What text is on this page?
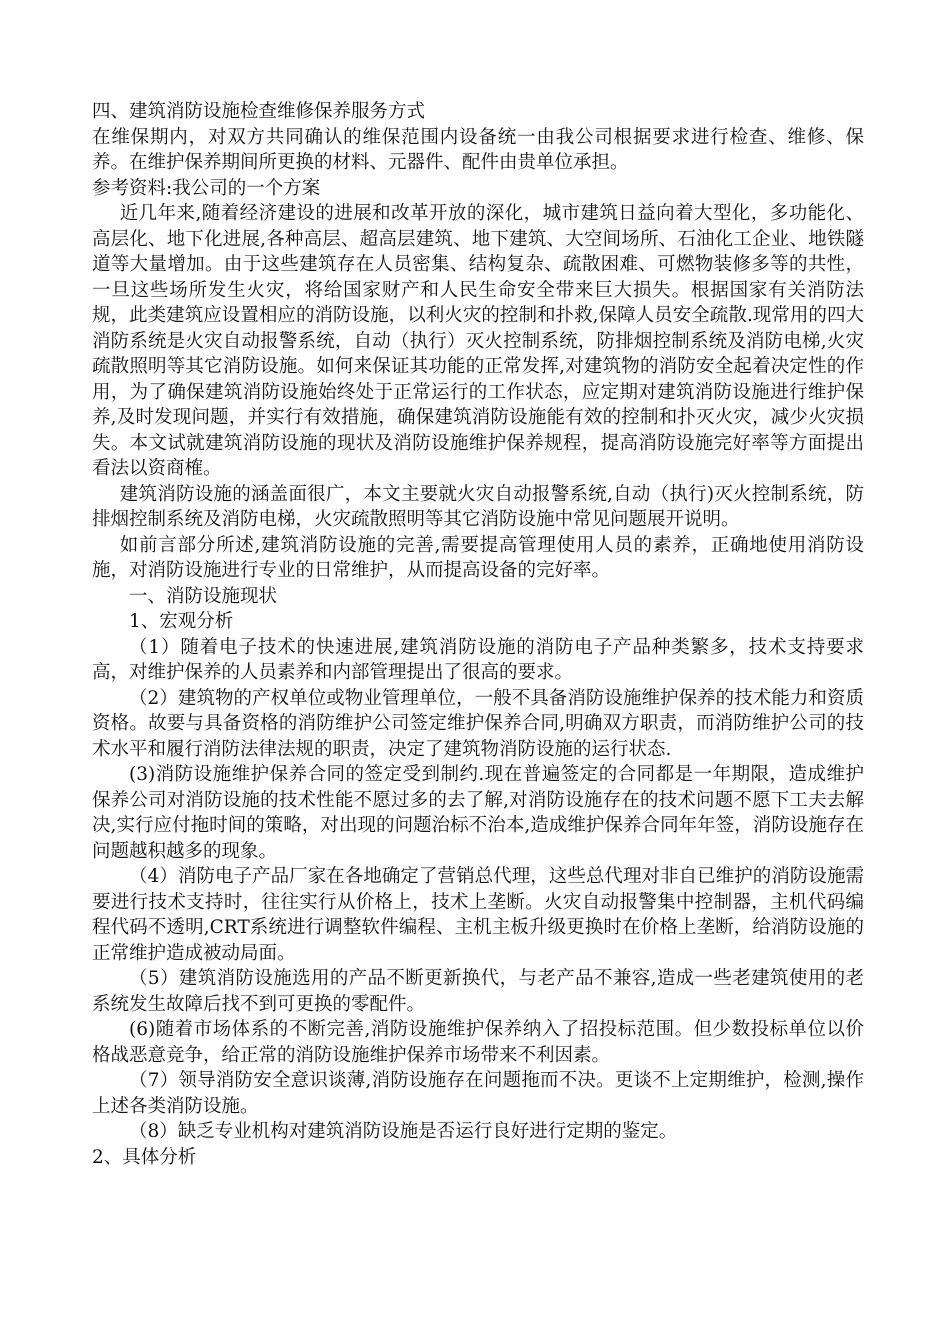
四、建筑消防设施检查维修保养服务方式

在维保期内，对双方共同确认的维保范围内设备统一由我公司根据要求进行检查、维修、保养。在维护保养期间所更换的材料、元器件、配件由贵单位承担。

参考资料:我公司的一个方案

近几年来,随着经济建设的进展和改革开放的深化，城市建筑日益向着大型化，多功能化、高层化、地下化进展,各种高层、超高层建筑、地下建筑、大空间场所、石油化工企业、地铁隧道等大量增加。由于这些建筑存在人员密集、结构复杂、疏散困难、可燃物装修多等的共性，一旦这些场所发生火灾，将给国家财产和人民生命安全带来巨大损失。根据国家有关消防法规，此类建筑应设置相应的消防设施，以利火灾的控制和扑救,保障人员安全疏散.现常用的四大消防系统是火灾自动报警系统，自动（执行）灭火控制系统，防排烟控制系统及消防电梯,火灾疏散照明等其它消防设施。如何来保证其功能的正常发挥,对建筑物的消防安全起着决定性的作用，为了确保建筑消防设施始终处于正常运行的工作状态，应定期对建筑消防设施进行维护保养,及时发现问题，并实行有效措施，确保建筑消防设施能有效的控制和扑灭火灾，减少火灾损失。本文试就建筑消防设施的现状及消防设施维护保养规程，提高消防设施完好率等方面提出看法以资商榷。

建筑消防设施的涵盖面很广，本文主要就火灾自动报警系统,自动（执行)灭火控制系统，防排烟控制系统及消防电梯，火灾疏散照明等其它消防设施中常见问题展开说明。

如前言部分所述,建筑消防设施的完善,需要提高管理使用人员的素养，正确地使用消防设施，对消防设施进行专业的日常维护，从而提高设备的完好率。

一、消防设施现状

1、宏观分析

（1）随着电子技术的快速进展,建筑消防设施的消防电子产品种类繁多，技术支持要求高，对维护保养的人员素养和内部管理提出了很高的要求。

（2）建筑物的产权单位或物业管理单位，一般不具备消防设施维护保养的技术能力和资质资格。故要与具备资格的消防维护公司签定维护保养合同,明确双方职责，而消防维护公司的技术水平和履行消防法律法规的职责，决定了建筑物消防设施的运行状态.

(3)消防设施维护保养合同的签定受到制约.现在普遍签定的合同都是一年期限，造成维护保养公司对消防设施的技术性能不愿过多的去了解,对消防设施存在的技术问题不愿下工夫去解决,实行应付拖时间的策略，对出现的问题治标不治本,造成维护保养合同年年签，消防设施存在问题越积越多的现象。

（4）消防电子产品厂家在各地确定了营销总代理，这些总代理对非自已维护的消防设施需要进行技术支持时，往往实行从价格上，技术上垄断。火灾自动报警集中控制器，主机代码编程代码不透明,CRT系统进行调整软件编程、主机主板升级更换时在价格上垄断，给消防设施的正常维护造成被动局面。

（5）建筑消防设施选用的产品不断更新换代，与老产品不兼容,造成一些老建筑使用的老系统发生故障后找不到可更换的零配件。

(6)随着市场体系的不断完善,消防设施维护保养纳入了招投标范围。但少数投标单位以价格战恶意竞争，给正常的消防设施维护保养市场带来不利因素。

（7）领导消防安全意识谈薄,消防设施存在问题拖而不决。更谈不上定期维护，检测,操作上述各类消防设施。

（8）缺乏专业机构对建筑消防设施是否运行良好进行定期的鉴定。

2、具体分析
